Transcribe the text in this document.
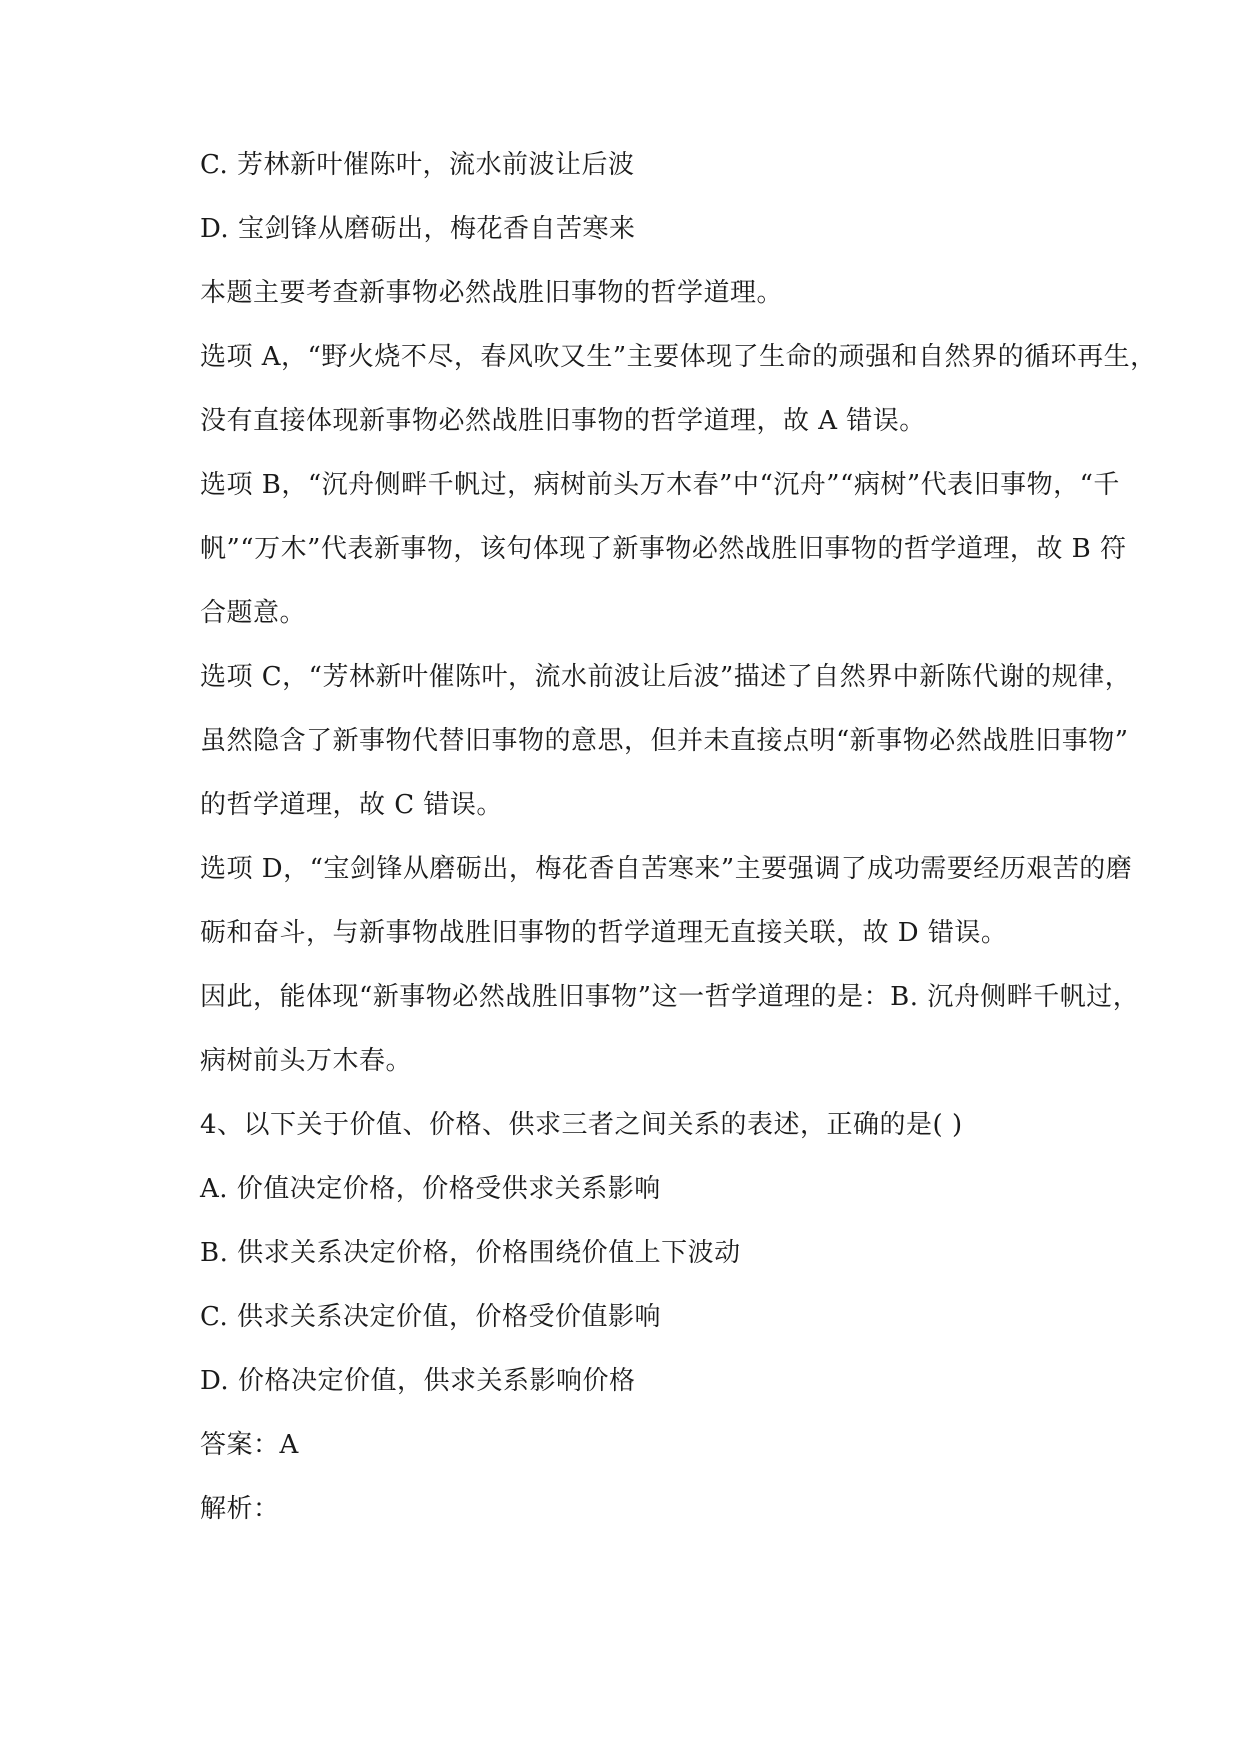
C. 芳林新叶催陈叶，流水前波让后波
D. 宝剑锋从磨砺出，梅花香自苦寒来
本题主要考查新事物必然战胜旧事物的哲学道理。
选项 A，“野火烧不尽，春风吹又生”主要体现了生命的顽强和自然界的循环再生，
没有直接体现新事物必然战胜旧事物的哲学道理，故 A 错误。
选项 B，“沉舟侧畔千帆过，病树前头万木春”中“沉舟”“病树”代表旧事物，“千
帆”“万木”代表新事物，该句体现了新事物必然战胜旧事物的哲学道理，故 B 符
合题意。
选项 C，“芳林新叶催陈叶，流水前波让后波”描述了自然界中新陈代谢的规律，
虽然隐含了新事物代替旧事物的意思，但并未直接点明“新事物必然战胜旧事物”
的哲学道理，故 C 错误。
选项 D，“宝剑锋从磨砺出，梅花香自苦寒来”主要强调了成功需要经历艰苦的磨
砺和奋斗，与新事物战胜旧事物的哲学道理无直接关联，故 D 错误。
因此，能体现“新事物必然战胜旧事物”这一哲学道理的是：B. 沉舟侧畔千帆过，
病树前头万木春。
4、以下关于价值、价格、供求三者之间关系的表述，正确的是( )
A. 价值决定价格，价格受供求关系影响
B. 供求关系决定价格，价格围绕价值上下波动
C. 供求关系决定价值，价格受价值影响
D. 价格决定价值，供求关系影响价格
答案：A
解析：
